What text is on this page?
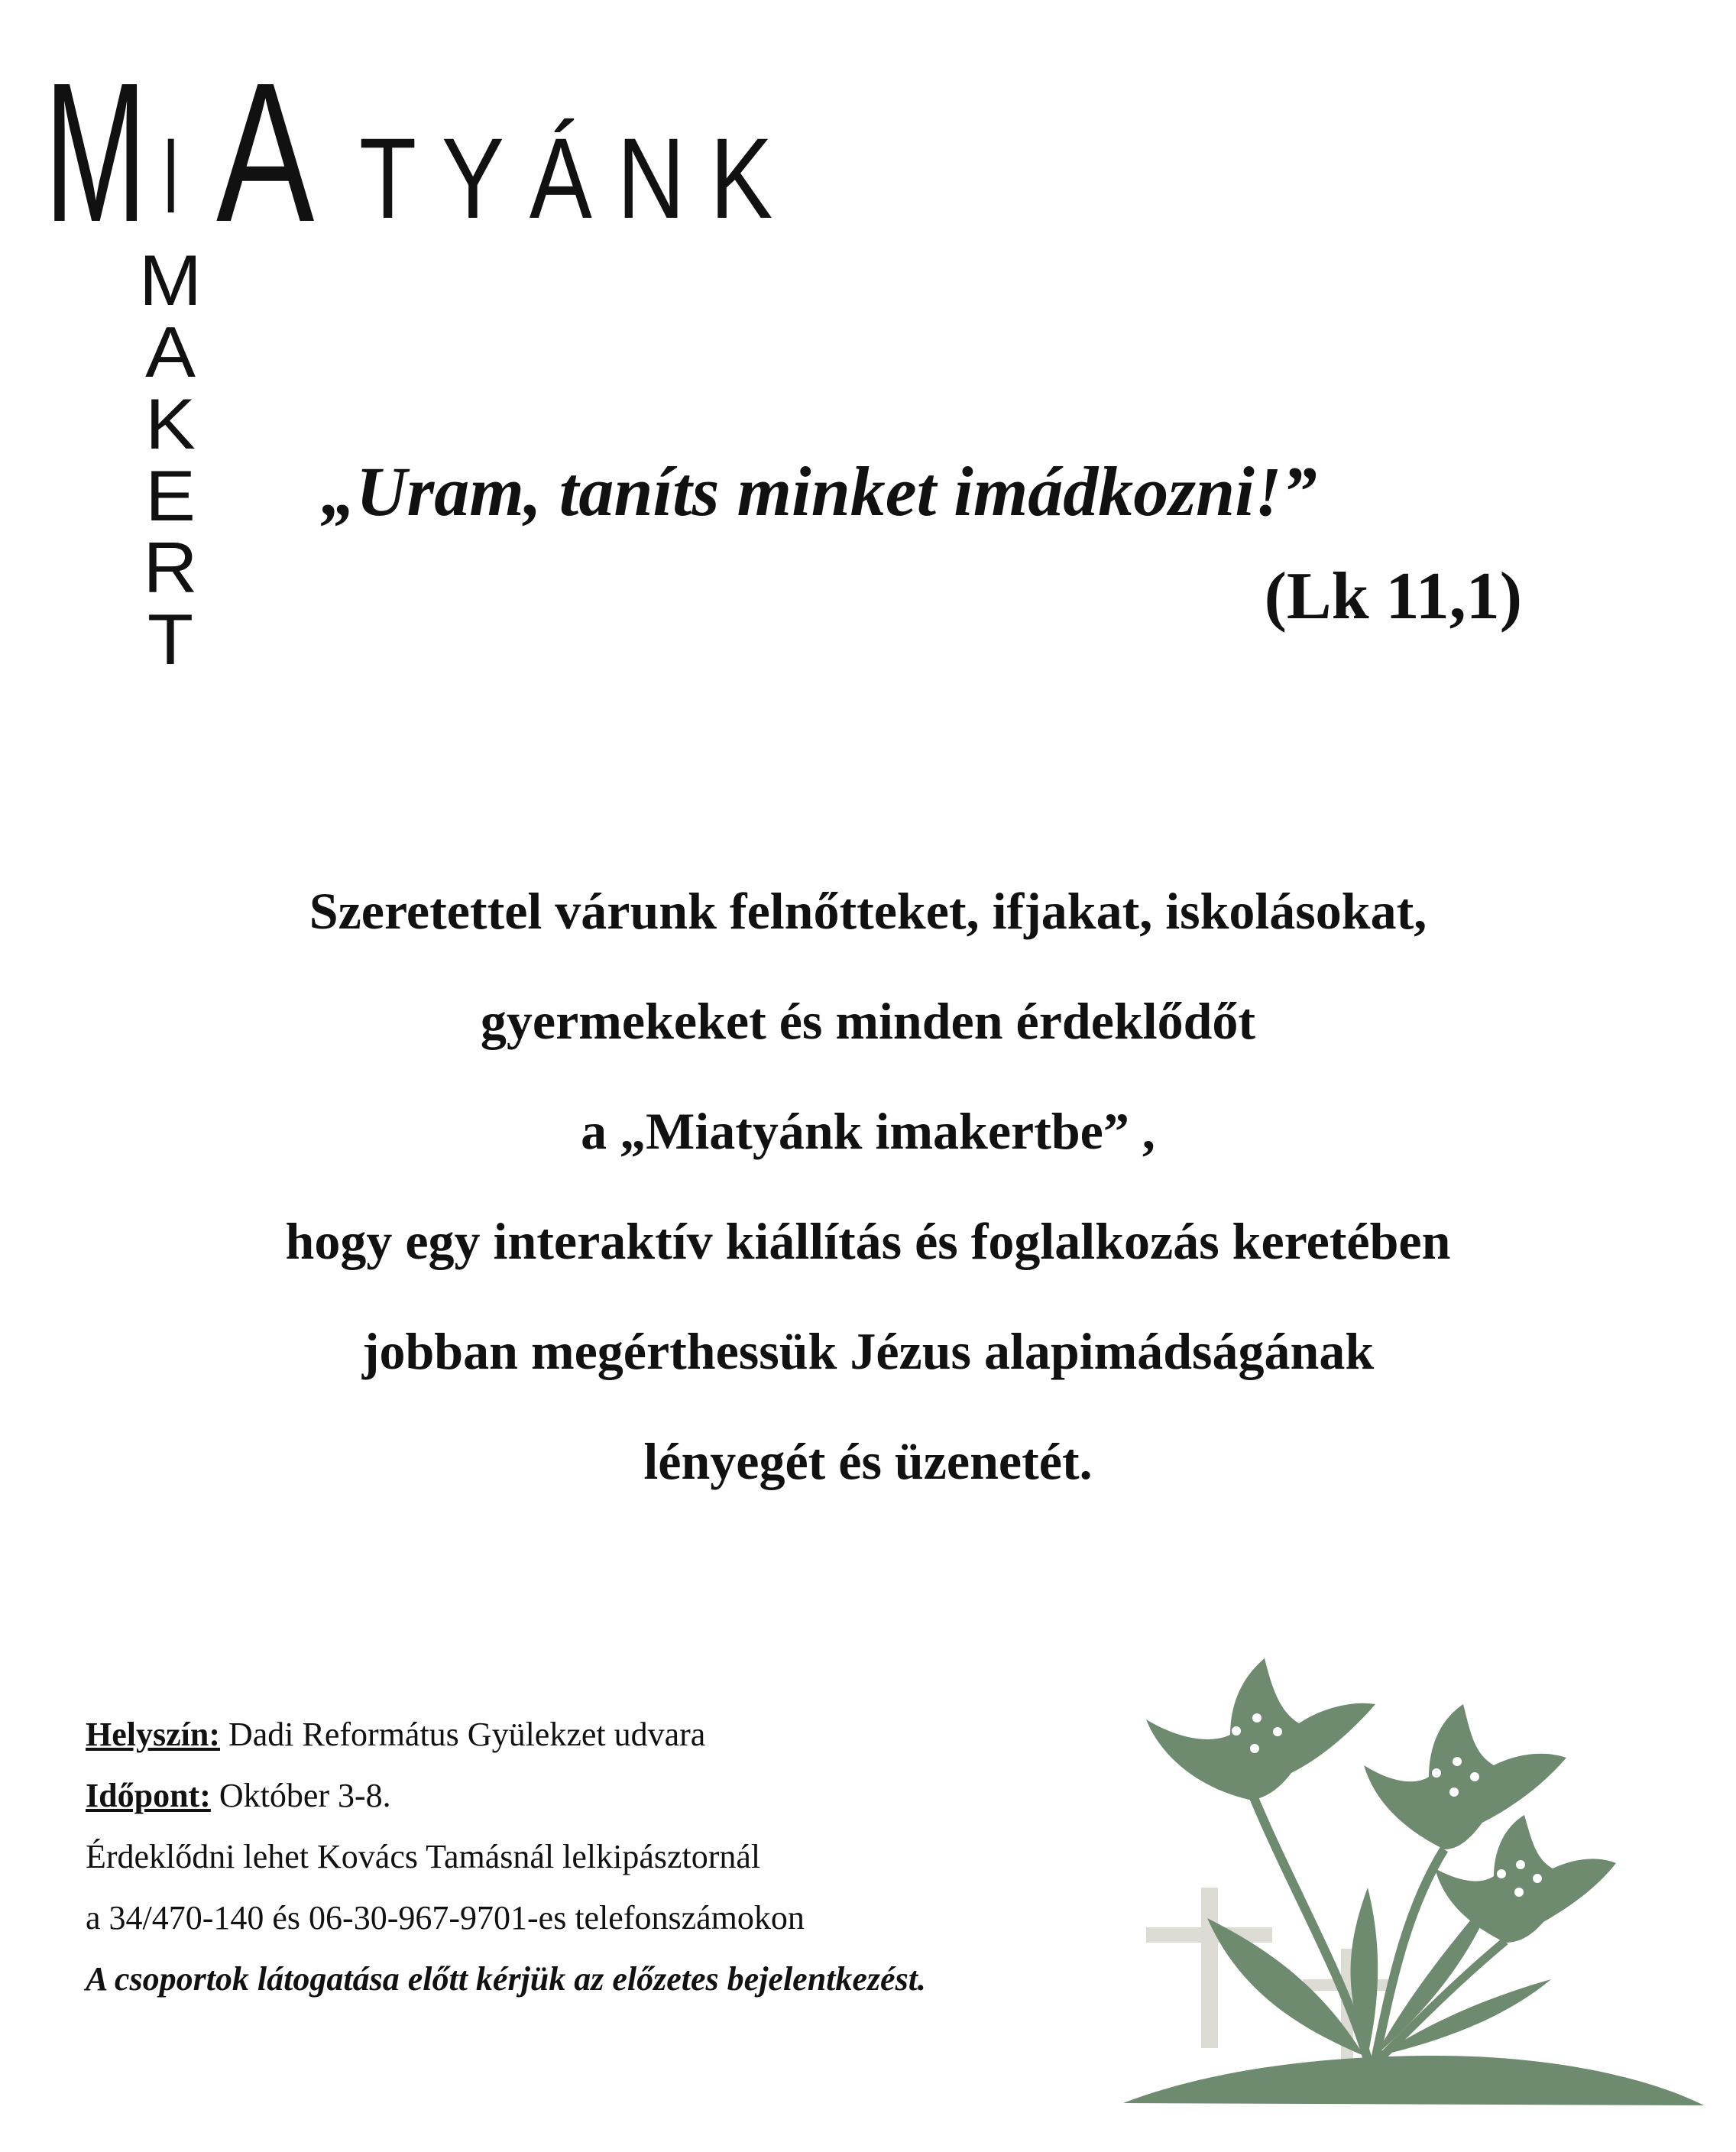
M I A TYÁNK
M
A
K
E
R
T
„Uram, taníts minket imádkozni!”
(Lk 11,1)
Szeretettel várunk felnőtteket, ifjakat, iskolásokat,
gyermekeket és minden érdeklődőt
a „Miatyánk imakertbe” ,
hogy egy interaktív kiállítás és foglalkozás keretében
jobban megérthessük Jézus alapimádságának
lényegét és üzenetét.
Helyszín: Dadi Református Gyülekzet udvara
Időpont: Október 3-8.
Érdeklődni lehet Kovács Tamásnál lelkipásztornál
a 34/470-140 és 06-30-967-9701-es telefonszámokon
A csoportok látogatása előtt kérjük az előzetes bejelentkezést.
